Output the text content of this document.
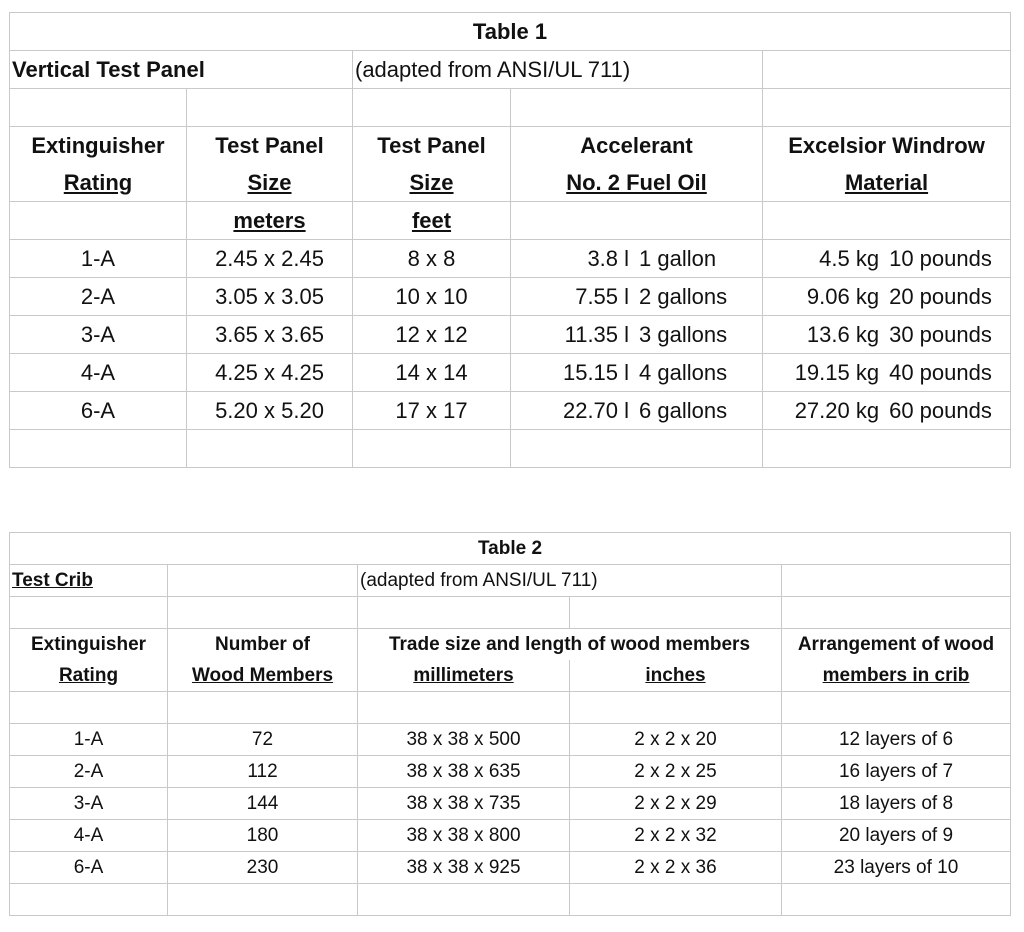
Table 1				
Vertical Test Panel		(adapted from ANSI/UL 711)		

Extinguisher	Test Panel	Test Panel	Accelerant	Excelsior Windrow
Rating	Size	Size	No. 2 Fuel Oil	Material
	meters	feet		
1-A	2.45 x 2.45	8 x 8	3.8 l 1 gallon	4.5 kg 10 pounds

2-A	3.05 x 3.05	10 x 10	7.55 l 2 gallons	9.06 kg 20 pounds

3-A	3.65 x 3.65	12 x 12	11.35 l 3 gallons	13.6 kg 30 pounds

4-A	4.25 x 4.25	14 x 14	15.15 l 4 gallons	19.15 kg 40 pounds

6-A	5.20 x 5.20	17 x 17	22.70 l 6 gallons	27.20 kg 60 pounds

Table 2				
Test Crib		(adapted from ANSI/UL 711)		

Extinguisher	Number of	Trade size and length of wood members		Arrangement of wood
Rating	Wood Members	millimeters	inches	members in crib

1-A	72	38 x 38 x 500	2 x 2 x 20	12 layers of 6
2-A	112	38 x 38 x 635	2 x 2 x 25	16 layers of 7
3-A	144	38 x 38 x 735	2 x 2 x 29	18 layers of 8
4-A	180	38 x 38 x 800	2 x 2 x 32	20 layers of 9
6-A	230	38 x 38 x 925	2 x 2 x 36	23 layers of 10
